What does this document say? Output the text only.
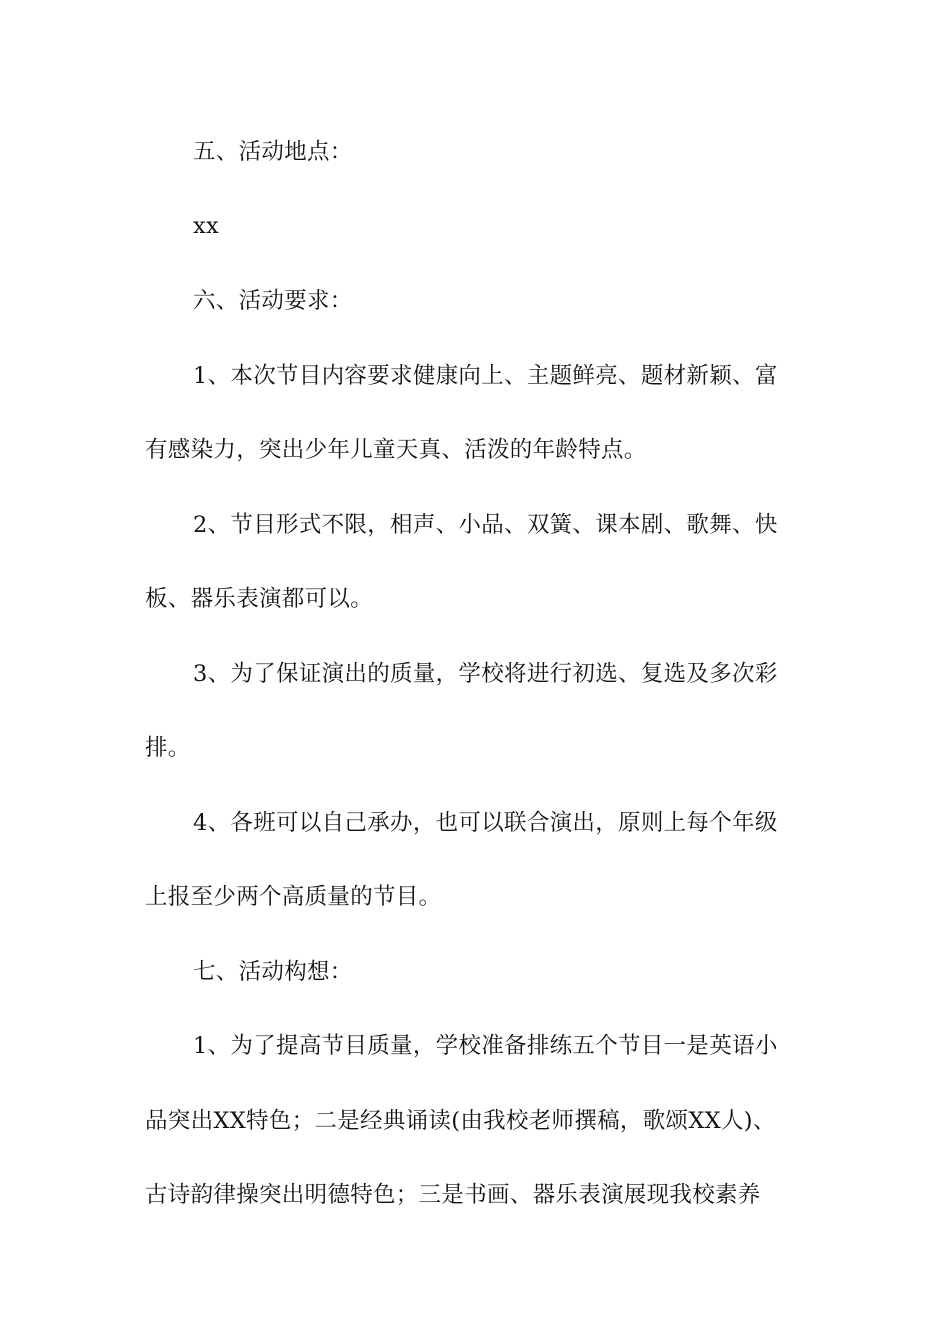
五、活动地点：
xx
六、活动要求：
1、本次节目内容要求健康向上、主题鲜亮、题材新颖、富
有感染力，突出少年儿童天真、活泼的年龄特点。
2、节目形式不限，相声、小品、双簧、课本剧、歌舞、快
板、器乐表演都可以。
3、为了保证演出的质量，学校将进行初选、复选及多次彩
排。
4、各班可以自己承办，也可以联合演出，原则上每个年级
上报至少两个高质量的节目。
七、活动构想：
1、为了提高节目质量，学校准备排练五个节目一是英语小
品突出XX特色；二是经典诵读(由我校老师撰稿，歌颂XX人)、
古诗韵律操突出明德特色；三是书画、器乐表演展现我校素养
